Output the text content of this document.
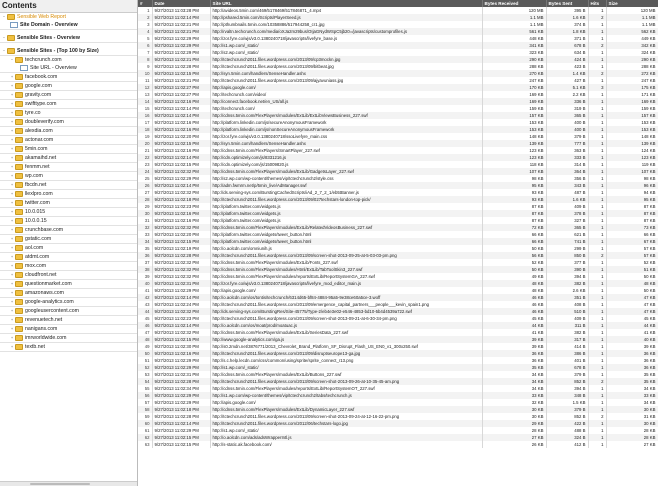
Contents
− Sensible Web Report
Site Domain - Overview
− Sensible Sites - Overview
− Sensible Sites - (Top 100 by Size)
− techcrunch.com
Site URL - Overview
+ facebook.com
+ google.com
+ gravity.com
+ swifttype.com
+ tyre.co
+ doubleverify.com
+ alexdia.com
+ actonar.com
+ 5min.com
+ akamaihd.net
+ fenmm.net
+ wp.com
+ fbcdn.net
+ llexlpro.com
+ twitter.com
+ 10.0.015
+ 10.0.0.15
+ crunchbase.com
+ gstatic.com
+ aol.com
+ atdmt.com
+ mox.com
+ cloudfront.net
+ questionmarket.com
+ amazonaws.com
+ google-analytics.com
+ googleusercontent.com
+ revenuetech.net
+ nanigans.com
+ imrworldwide.com
+ textb.net
#	Date	Site URL	Bytes Received	Bytes Sent	Hits	Size
1	9/27/2013 11:03:28 PM	http://avideos.5min.com/469/5178469/517846871_4.mp4	120 MB	395 B	1	120 MB
2	9/27/2013 11:02:14 PM	http://pshared.5min.com/Scripts/PlayerSeed.js	1.1 MB	1.6 KB	2	1.1 MB
3	9/27/2013 11:02:21 PM	http://pthumbnails.5min.com/10358886/517944258_cr1.jpg	1.1 MB	374 B	1	1.1 MB
4	9/27/2013 11:02:21 PM	http://rvaltn.techcrunch.com/media/oXJa2m29bus/OIjaGNydWSpC5jb20=/javascripts/customprofiles.js	561 KB	1.8 KB	1	562 KB
5	9/27/2013 11:02:29 PM	http://zor.fyre.co/wjs/v3.0.1380240718/javascripts/livefyre_base.js	448 KB	371 B	1	449 KB
6	9/27/2013 11:02:29 PM	http://s1.wp.com/_static/	341 KB	678 B	2	342 KB
7	9/27/2013 11:02:29 PM	http://s2.wp.com/_static/	323 KB	634 B	1	324 KB
8	9/27/2013 11:02:21 PM	http://tctechcrunch2011.files.wordpress.com/2013/09/cp3mockn.jpg	290 KB	424 B	1	290 KB
9	9/27/2013 11:02:28 PM	http://tctechcrunch2011.files.wordpress.com/2013/09/bitbeat.jpg	288 KB	423 B	1	288 KB
10	9/27/2013 11:02:15 PM	http://syn.5min.com/handlers/SenseHandler.ashx	270 KB	1.4 KB	2	272 KB
11	9/27/2013 11:02:21 PM	http://tctechcrunch2011.files.wordpress.com/2013/09/ajyavuniass.jpg	247 KB	427 B	1	247 KB
12	9/27/2013 11:02:27 PM	http://apis.google.com/	170 KB	5.1 KB	3	175 KB
13	9/27/2013 11:02:27 PM	http://techcrunch.com/video/	169 KB	2.2 KB	1	171 KB
14	9/27/2013 11:02:16 PM	http://connect.facebook.net/en_US/all.js	169 KB	336 B	1	169 KB
15	9/27/2013 11:02:14 PM	http://techcrunch.com/	159 KB	319 B	1	159 KB
16	9/27/2013 11:02:14 PM	http://cdnss.5min.com/FlexPlayers/modules/ExtLib/ExtLibViewsBusiness_227.swf	157 KB	365 B	1	157 KB
17	9/27/2013 11:02:16 PM	http://platform.linkedin.com/js/secureAnonymousFramework	153 KB	400 B	1	153 KB
18	9/27/2013 11:02:16 PM	http://platform.linkedin.com/js/nonSecureAnonymousFramework	153 KB	400 B	1	153 KB
19	9/27/2013 11:02:20 PM	http://zor.fyre.co/wjs/v3.0.1380240718/ssoLivefyre_main.css	148 KB	379 B	1	148 KB
20	9/27/2013 11:02:15 PM	http://syn.5min.com/handlers/SenseHandler.ashx	139 KB	777 B	1	139 KB
21	9/27/2013 11:02:16 PM	http://cdnss.5min.com/FlexPlayers/SmartPlayer_227.swf	123 KB	363 B	1	124 KB
22	9/27/2013 11:02:14 PM	http://cdn.optimizely.com/js/8331216.js	123 KB	333 B	1	123 KB
23	9/27/2013 11:02:15 PM	http://cdn.optimizely.com/js/15009820.js	118 KB	314 B	1	119 KB
24	9/27/2013 11:02:32 PM	http://cdnss.5min.com/FlexPlayers/modules/ExtLib/GadgetsLayer_227.swf	107 KB	364 B	1	107 KB
25	9/27/2013 11:02:29 PM	http://s2.wp.com/wp-content/themes/vip/tctechcrunch2/style.css	98 KB	356 B	1	98 KB
26	9/27/2013 11:02:14 PM	http://adm.fwmrm.net/p/5min_live/AdManager.swf	95 KB	343 B	1	96 KB
27	9/27/2013 11:02:32 PM	http://ds.serving-sys.com/BurstingCachedScripts/iAd_2_7_2_1/eb5tBanner.js	93 KB	487 B	1	94 KB
28	9/27/2013 11:02:18 PM	http://tctechcrunch2011.files.wordpress.com/2013/09/027techstars-london-top-pick/	93 KB	1.6 KB	1	95 KB
29	9/27/2013 11:02:23 PM	http://platform.twitter.com/widgets.js	87 KB	409 B	1	87 KB
30	9/27/2013 11:02:16 PM	http://platform.twitter.com/widgets.js	87 KB	378 B	1	87 KB
31	9/27/2013 11:02:16 PM	http://platform.twitter.com/widgets.js	87 KB	327 B	1	87 KB
32	9/27/2013 11:02:32 PM	http://cdnss.5min.com/FlexPlayers/modules/ExtLib/RelatedVideosBusiness_227.swf	72 KB	365 B	1	73 KB
33	9/27/2013 11:02:20 PM	http://platform.twitter.com/widgets/tweet_button.html	66 KB	621 B	1	66 KB
34	9/27/2013 11:02:15 PM	http://platform.twitter.com/widgets/tweet_button.html	66 KB	741 B	1	67 KB
35	9/27/2013 11:02:19 PM	http://o.aolcdn.com/omniunih.js	50 KB	299 B	1	57 KB
36	9/27/2013 11:02:28 PM	http://tctechcrunch2011.files.wordpress.com/2013/09/screen-shot-2013-09-25-at-5-03-03-pm.png	56 KB	850 B	2	57 KB
37	9/27/2013 11:02:32 PM	http://cdnss.5min.com/FlexPlayers/modules/ExtLib/Fonts_227.swf	52 KB	377 B	1	52 KB
38	9/27/2013 11:02:32 PM	http://cdnss.5min.com/FlexPlayers/modules/Html/ExtLib/TabToolSkin3_227.swf	50 KB	390 B	1	51 KB
39	9/27/2013 11:02:32 PM	http://cdnss.5min.com/FlexPlayers/modules/reports/ExtLib/ReportSystemGA_227.swf	49 KB	394 B	1	50 KB
40	9/27/2013 11:02:31 PM	http://zor.fyre.co/wjs/v3.0.1380240718/javascripts/livefyre_mod_editor_main.js	48 KB	382 B	1	48 KB
41	9/27/2013 11:02:29 PM	http://apis.google.com/	48 KB	2.6 KB	1	50 KB
42	9/27/2013 11:02:14 PM	http://o.aolcdn.com/os/tontis/techcrunch/6314d65-bf84-4884-95a5-9e38ce60a5ce-3.woff	46 KB	351 B	1	47 KB
43	9/27/2013 11:02:24 PM	http://tctechcrunch2011.files.wordpress.com/2013/09/emergence_capital_partners___people___kevin_spain1.png	46 KB	408 B	1	47 KB
44	9/27/2013 11:02:32 PM	http://ds.serving-sys.com/BurstingRes/Site-45775/Type-2/eb4e3e02-e546-4853-bd10-5b4d4539a722.swf	46 KB	510 B	1	47 KB
45	9/27/2013 11:02:23 PM	http://tctechcrunch2011.files.wordpress.com/2013/09/screen-shot-2013-09-21-at-6-30-34-pm.png	45 KB	409 B	1	45 KB
46	9/27/2013 11:02:14 PM	http://o.aolcdn.com/os/moat/prod/moatuac.js	44 KB	311 B	1	44 KB
47	9/27/2013 11:02:32 PM	http://cdnss.5min.com/FlexPlayers/modules/ExtLib/SeriesData_227.swf	41 KB	382 B	1	41 KB
48	9/27/2013 11:02:15 PM	http://www.google-analytics.com/ga.js	39 KB	317 B	1	40 KB
49	9/27/2013 11:02:30 PM	http://s0.2mdn.net/3876771/2013_Chevrolet_Brand_Platform_SF_Disrupt_Flash_US_EN0_v1_300x250.swf	39 KB	414 B	1	39 KB
50	9/27/2013 11:02:16 PM	http://tctechcrunch2011.files.wordpress.com/2013/09/disruptseurope13-ga.jpg	36 KB	386 B	1	36 KB
51	9/27/2013 11:02:29 PM	http://s.c.help.lecdn.com/css/common/using/sprite/sprite_connect_r13.png	36 KB	401 B	1	36 KB
52	9/27/2013 11:02:29 PM	http://s1.wp.com/_static/	35 KB	678 B	1	36 KB
53	9/27/2013 11:02:31 PM	http://cdnss.5min.com/FlexPlayers/modules/ExtLib/Buttons_227.swf	34 KB	379 B	1	35 KB
54	9/27/2013 11:02:28 PM	http://tctechcrunch2011.files.wordpress.com/2013/09/screen-shot-2013-09-26-at-10-35-45-am.png	34 KB	852 B	2	35 KB
55	9/27/2013 11:02:34 PM	http://cdnss.5min.com/FlexPlayers/modules/reports/ExtLib/ReportSystemOT_227.swf	34 KB	394 B	1	34 KB
56	9/27/2013 11:02:29 PM	http://s1.wp.com/wp-content/themes/vip/tctechcrunch2/tabs/techcrunch.js	33 KB	348 B	1	33 KB
57	9/27/2013 11:02:29 PM	http://apis.google.com/	32 KB	1.5 KB	1	34 KB
58	9/27/2013 11:02:18 PM	http://cdnss.5min.com/FlexPlayers/modules/ExtLib/DynamicLayer_227.swf	30 KB	379 B	1	30 KB
59	9/27/2013 11:02:28 PM	http://tctechcrunch2011.files.wordpress.com/2013/09/screen-shot-2013-09-24-at-12-16-22-pm.png	30 KB	852 B	2	31 KB
60	9/27/2013 11:02:14 PM	http://tctechcrunch2011.files.wordpress.com/2012/06/techstars-logo.jpg	29 KB	422 B	1	30 KB
61	9/27/2013 11:02:29 PM	http://s1.wp.com/_static/	28 KB	488 B	1	28 KB
62	9/27/2013 11:02:15 PM	http://o.aolcdn.com/ads/adsWrapperIntl.js	27 KB	324 B	1	28 KB
63	9/27/2013 11:02:15 PM	http://s-static.ak.facebook.com/	26 KB	412 B	1	27 KB
